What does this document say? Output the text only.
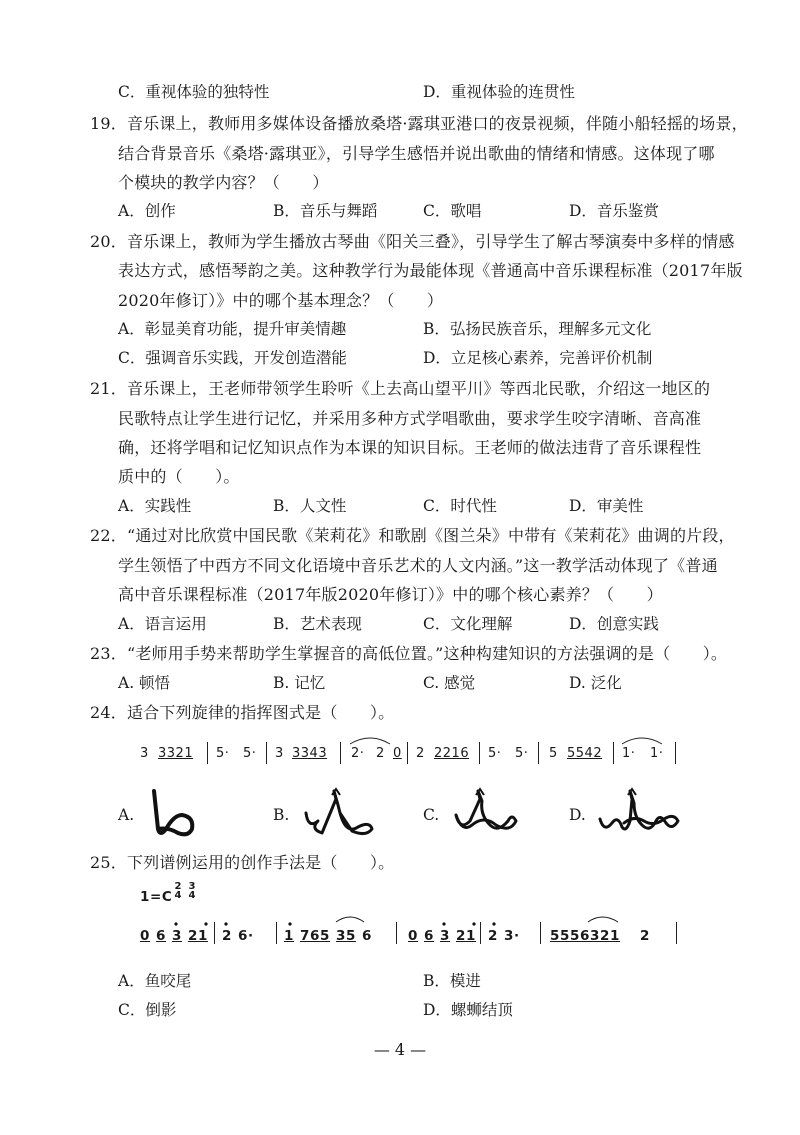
C．重视体验的独特性	D．重视体验的连贯性
19．音乐课上，教师用多媒体设备播放桑塔·露琪亚港口的夜景视频，伴随小船轻摇的场景，
结合背景音乐《桑塔·露琪亚》，引导学生感悟并说出歌曲的情绪和情感。这体现了哪
个模块的教学内容？（　　）
A．创作	B．音乐与舞蹈	C．歌唱	D．音乐鉴赏
20．音乐课上，教师为学生播放古琴曲《阳关三叠》，引导学生了解古琴演奏中多样的情感
表达方式，感悟琴韵之美。这种教学行为最能体现《普通高中音乐课程标准（2017年版
2020年修订）》中的哪个基本理念？（　　）
A．彰显美育功能，提升审美情趣	B．弘扬民族音乐，理解多元文化
C．强调音乐实践，开发创造潜能	D．立足核心素养，完善评价机制
21．音乐课上，王老师带领学生聆听《上去高山望平川》等西北民歌，介绍这一地区的
民歌特点让学生进行记忆，并采用多种方式学唱歌曲，要求学生咬字清晰、音高准
确，还将学唱和记忆知识点作为本课的知识目标。王老师的做法违背了音乐课程性
质中的（　　）。
A．实践性	B．人文性	C．时代性	D．审美性
22．“通过对比欣赏中国民歌《茉莉花》和歌剧《图兰朵》中带有《茉莉花》曲调的片段，
学生领悟了中西方不同文化语境中音乐艺术的人文内涵。”这一教学活动体现了《普通
高中音乐课程标准（2017年版2020年修订）》中的哪个核心素养？（　　）
A．语言运用	B．艺术表现	C．文化理解	D．创意实践
23．“老师用手势来帮助学生掌握音的高低位置。”这种构建知识的方法强调的是（　　）。
A. 顿悟	B. 记忆	C. 感觉	D. 泛化
24．适合下列旋律的指挥图式是（　　）。
3 3321 5· 5· 3 3343 2· 2 0 2 2216 5· 5· 5 5542 1· 1·
A.	B.	C.	D.
25．下列谱例运用的创作手法是（　　）。
1=C
2
4
3
4
0 6 3 21 2 6· 1 765 35 6	0 6 3 21 2 3· 5556 321 2
A．鱼咬尾	B．模进
C．倒影	D．螺蛳结顶
— 4 —
